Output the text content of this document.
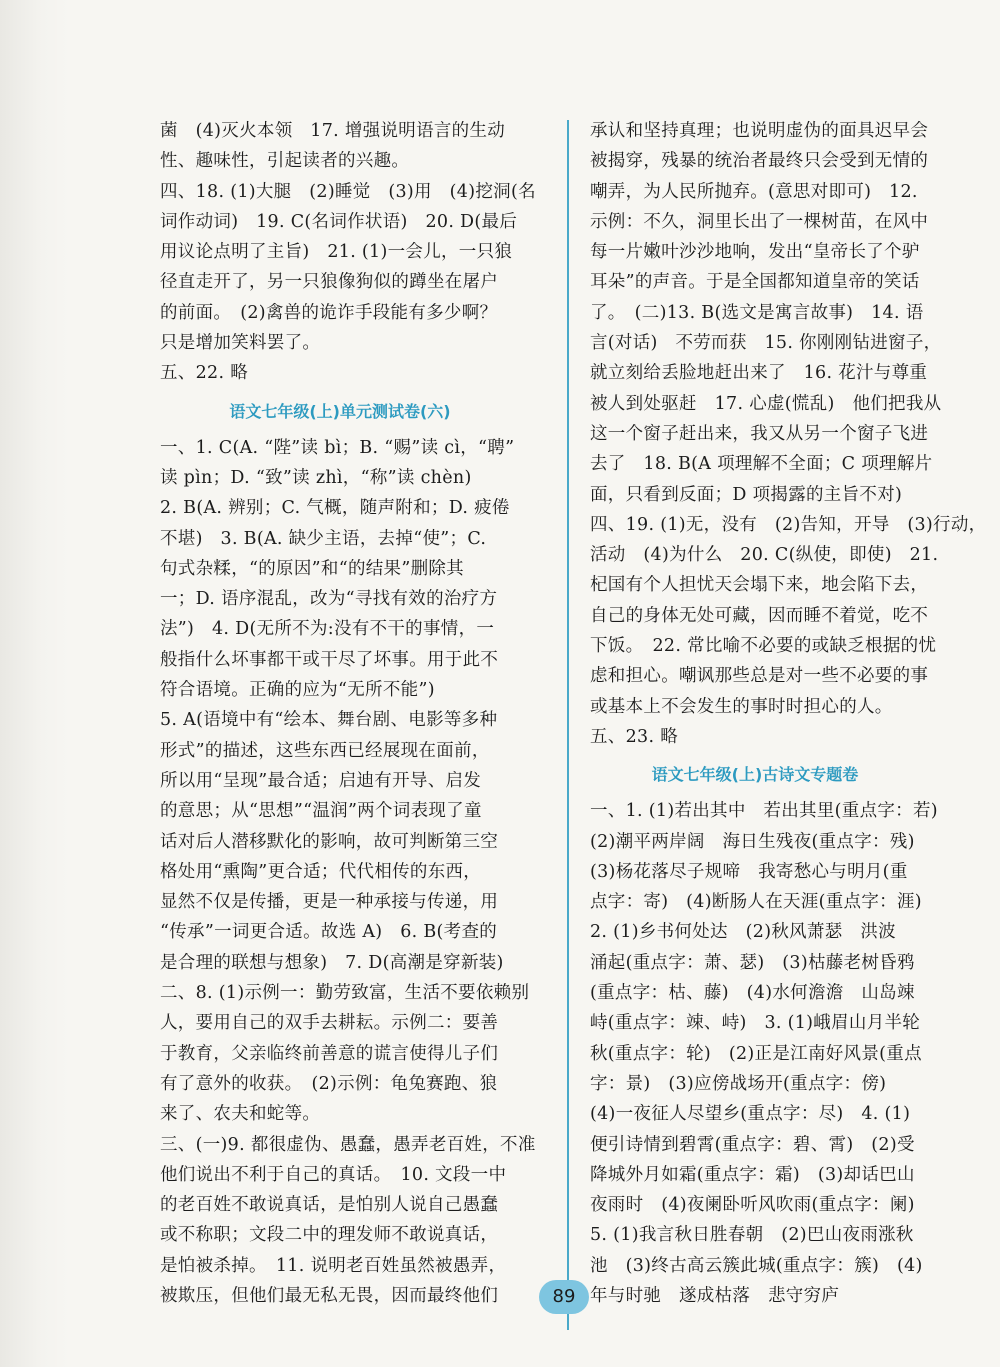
菌　(4)灭火本领　17. 增强说明语言的生动
性、趣味性，引起读者的兴趣。
四、18. (1)大腿　(2)睡觉　(3)用　(4)挖洞(名
词作动词)　19. C(名词作状语)　20. D(最后
用议论点明了主旨)　21. (1)一会儿，一只狼
径直走开了，另一只狼像狗似的蹲坐在屠户
的前面。　(2)禽兽的诡诈手段能有多少啊？
只是增加笑料罢了。
五、22. 略
语文七年级(上)单元测试卷(六)
一、1. C(A. “陛”读 bì；B. “赐”读 cì，“聘”
读 pìn；D. “致”读 zhì，“称”读 chèn)
2. B(A. 辨别；C. 气概，随声附和；D. 疲倦
不堪)　3. B(A. 缺少主语，去掉“使”；C.
句式杂糅，“的原因”和“的结果”删除其
一；D. 语序混乱，改为“寻找有效的治疗方
法”)　4. D(无所不为:没有不干的事情，一
般指什么坏事都干或干尽了坏事。用于此不
符合语境。正确的应为“无所不能”)
5. A(语境中有“绘本、舞台剧、电影等多种
形式”的描述，这些东西已经展现在面前，
所以用“呈现”最合适；启迪有开导、启发
的意思；从“思想”“温润”两个词表现了童
话对后人潜移默化的影响，故可判断第三空
格处用“熏陶”更合适；代代相传的东西，
显然不仅是传播，更是一种承接与传递，用
“传承”一词更合适。故选 A)　6. B(考查的
是合理的联想与想象)　7. D(高潮是穿新装)
二、8. (1)示例一：勤劳致富，生活不要依赖别
人，要用自己的双手去耕耘。示例二：要善
于教育，父亲临终前善意的谎言使得儿子们
有了意外的收获。　(2)示例：龟兔赛跑、狼
来了、农夫和蛇等。
三、(一)9. 都很虚伪、愚蠢，愚弄老百姓，不准
他们说出不利于自己的真话。　10. 文段一中
的老百姓不敢说真话，是怕别人说自己愚蠢
或不称职；文段二中的理发师不敢说真话，
是怕被杀掉。　11. 说明老百姓虽然被愚弄，
被欺压，但他们最无私无畏，因而最终他们
承认和坚持真理；也说明虚伪的面具迟早会
被揭穿，残暴的统治者最终只会受到无情的
嘲弄，为人民所抛弃。(意思对即可)　12.
示例：不久，洞里长出了一棵树苗，在风中
每一片嫩叶沙沙地响，发出“皇帝长了个驴
耳朵”的声音。于是全国都知道皇帝的笑话
了。　(二)13. B(选文是寓言故事)　14. 语
言(对话)　不劳而获　15. 你刚刚钻进窗子，
就立刻给丢脸地赶出来了　16. 花汁与尊重
被人到处驱赶　17. 心虚(慌乱)　他们把我从
这一个窗子赶出来，我又从另一个窗子飞进
去了　18. B(A 项理解不全面；C 项理解片
面，只看到反面；D 项揭露的主旨不对)
四、19. (1)无，没有　(2)告知，开导　(3)行动，
活动　(4)为什么　20. C(纵使，即使)　21.
杞国有个人担忧天会塌下来，地会陷下去，
自己的身体无处可藏，因而睡不着觉，吃不
下饭。　22. 常比喻不必要的或缺乏根据的忧
虑和担心。嘲讽那些总是对一些不必要的事
或基本上不会发生的事时时担心的人。
五、23. 略
语文七年级(上)古诗文专题卷
一、1. (1)若出其中　若出其里(重点字：若)
(2)潮平两岸阔　海日生残夜(重点字：残)
(3)杨花落尽子规啼　我寄愁心与明月(重
点字：寄)　(4)断肠人在天涯(重点字：涯)
2. (1)乡书何处达　(2)秋风萧瑟　洪波
涌起(重点字：萧、瑟)　(3)枯藤老树昏鸦
(重点字：枯、藤)　(4)水何澹澹　山岛竦
峙(重点字：竦、峙)　3. (1)峨眉山月半轮
秋(重点字：轮)　(2)正是江南好风景(重点
字：景)　(3)应傍战场开(重点字：傍)
(4)一夜征人尽望乡(重点字：尽)　4. (1)
便引诗情到碧霄(重点字：碧、霄)　(2)受
降城外月如霜(重点字：霜)　(3)却话巴山
夜雨时　(4)夜阑卧听风吹雨(重点字：阑)
5. (1)我言秋日胜春朝　(2)巴山夜雨涨秋
池　(3)终古高云簇此城(重点字：簇)　(4)
年与时驰　遂成枯落　悲守穷庐
89
